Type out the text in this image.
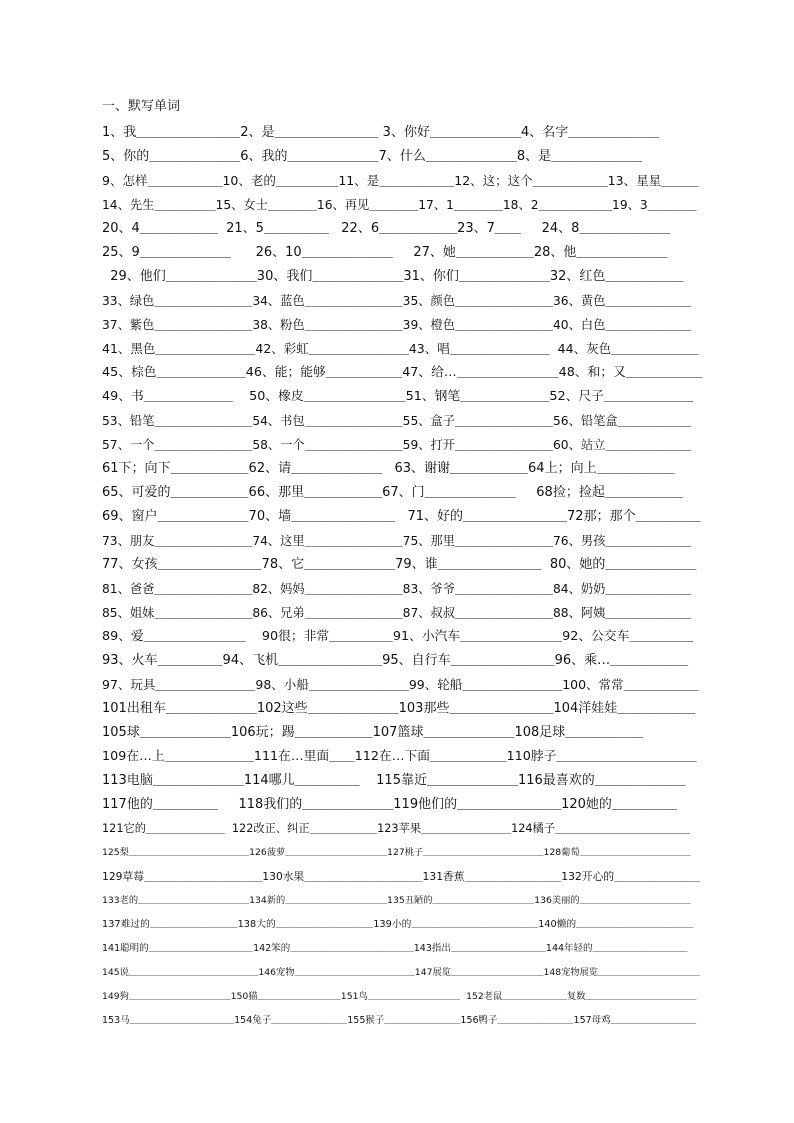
一、默写单词
1、我＿＿＿＿＿＿＿＿2、是＿＿＿＿＿＿＿＿ 3、你好＿＿＿＿＿＿＿4、名字＿＿＿＿＿＿＿
5、你的＿＿＿＿＿＿＿6、我的＿＿＿＿＿＿＿7、什么＿＿＿＿＿＿＿8、是＿＿＿＿＿＿＿
9、怎样＿＿＿＿＿＿10、老的＿＿＿＿＿11、是＿＿＿＿＿＿12、这；这个＿＿＿＿＿＿13、星星＿＿＿
14、先生＿＿＿＿＿15、女士＿＿＿＿16、再见＿＿＿＿17、1＿＿＿＿18、2＿＿＿＿＿＿19、3＿＿＿＿
20、4＿＿＿＿＿＿  21、5＿＿＿＿＿   22、6＿＿＿＿＿＿23、7＿＿     24、8＿＿＿＿＿＿＿
25、9＿＿＿＿＿＿＿      26、10＿＿＿＿＿＿＿     27、她＿＿＿＿＿＿28、他＿＿＿＿＿＿＿
29、他们＿＿＿＿＿＿＿30、我们＿＿＿＿＿＿＿31、你们＿＿＿＿＿＿＿32、红色＿＿＿＿＿＿
33、绿色＿＿＿＿＿＿＿＿34、蓝色＿＿＿＿＿＿＿＿35、颜色＿＿＿＿＿＿＿＿36、黄色＿＿＿＿＿＿＿
37、紫色＿＿＿＿＿＿＿＿38、粉色＿＿＿＿＿＿＿＿39、橙色＿＿＿＿＿＿＿＿40、白色＿＿＿＿＿＿＿
41、黑色＿＿＿＿＿＿＿＿42、彩虹＿＿＿＿＿＿＿＿43、唱＿＿＿＿＿＿＿＿  44、灰色＿＿＿＿＿＿＿
45、棕色＿＿＿＿＿＿＿46、能；能够＿＿＿＿＿＿47、给…＿＿＿＿＿＿＿＿48、和；又＿＿＿＿＿＿
49、书＿＿＿＿＿＿＿    50、橡皮＿＿＿＿＿＿＿＿51、钢笔＿＿＿＿＿＿＿52、尺子＿＿＿＿＿＿＿
53、铅笔＿＿＿＿＿＿＿＿54、书包＿＿＿＿＿＿＿＿55、盒子＿＿＿＿＿＿＿＿56、铅笔盒＿＿＿＿＿＿
57、一个＿＿＿＿＿＿＿＿58、一个＿＿＿＿＿＿＿＿59、打开＿＿＿＿＿＿＿＿60、站立＿＿＿＿＿＿＿
61下；向下＿＿＿＿＿＿62、请＿＿＿＿＿＿＿   63、谢谢＿＿＿＿＿＿64上；向上＿＿＿＿＿＿
65、可爱的＿＿＿＿＿＿66、那里＿＿＿＿＿＿67、门＿＿＿＿＿＿＿     68捡；捡起＿＿＿＿＿＿
69、窗户＿＿＿＿＿＿＿70、墙＿＿＿＿＿＿＿＿   71、好的＿＿＿＿＿＿＿＿72那；那个＿＿＿＿＿
73、朋友＿＿＿＿＿＿＿＿74、这里＿＿＿＿＿＿＿＿75、那里＿＿＿＿＿＿＿＿76、男孩＿＿＿＿＿＿＿
77、女孩＿＿＿＿＿＿＿＿78、它＿＿＿＿＿＿＿79、谁＿＿＿＿＿＿＿＿  80、她的＿＿＿＿＿＿＿
81、爸爸＿＿＿＿＿＿＿＿82、妈妈＿＿＿＿＿＿＿＿83、爷爷＿＿＿＿＿＿＿＿84、奶奶＿＿＿＿＿＿＿
85、姐妹＿＿＿＿＿＿＿＿86、兄弟＿＿＿＿＿＿＿＿87、叔叔＿＿＿＿＿＿＿＿88、阿姨＿＿＿＿＿＿＿
89、爱＿＿＿＿＿＿＿＿    90很；非常＿＿＿＿＿91、小汽车＿＿＿＿＿＿＿＿92、公交车＿＿＿＿＿
93、火车＿＿＿＿＿94、飞机＿＿＿＿＿＿＿＿95、自行车＿＿＿＿＿＿＿＿96、乘…＿＿＿＿＿＿
97、玩具＿＿＿＿＿＿＿＿98、小船＿＿＿＿＿＿＿＿99、轮船＿＿＿＿＿＿＿＿100、常常＿＿＿＿＿＿
101出租车＿＿＿＿＿＿＿102这些＿＿＿＿＿＿＿103那些＿＿＿＿＿＿＿＿104洋娃娃＿＿＿＿＿＿
105球＿＿＿＿＿＿＿106玩；踢＿＿＿＿＿＿107篮球＿＿＿＿＿＿＿108足球＿＿＿＿＿＿
109在…上＿＿＿＿＿＿＿111在…里面＿＿112在…下面＿＿＿＿＿＿110脖子＿＿＿＿＿＿＿＿＿＿＿
113电脑＿＿＿＿＿＿＿114哪儿＿＿＿＿＿    115靠近＿＿＿＿＿＿＿116最喜欢的＿＿＿＿＿＿＿
117他的＿＿＿＿＿     118我们的＿＿＿＿＿＿＿119他们的＿＿＿＿＿＿＿＿120她的＿＿＿＿＿
121它的＿＿＿＿＿＿＿  122改正、纠正＿＿＿＿＿＿123苹果＿＿＿＿＿＿＿＿124橘子＿＿＿＿＿＿＿＿＿＿＿＿
125梨＿＿＿＿＿＿＿＿＿＿＿＿＿126菠萝＿＿＿＿＿＿＿＿＿＿＿127桃子＿＿＿＿＿＿＿＿＿＿＿＿＿128葡萄＿＿＿＿＿＿＿＿＿＿＿＿
129草莓＿＿＿＿＿＿＿＿＿＿＿130水果＿＿＿＿＿＿＿＿＿＿＿131香蕉＿＿＿＿＿＿＿＿＿132开心的＿＿＿＿＿＿＿＿
133老的＿＿＿＿＿＿＿＿＿＿＿＿134新的＿＿＿＿＿＿＿＿＿＿＿135丑陋的＿＿＿＿＿＿＿＿＿＿＿136美丽的＿＿＿＿＿＿＿＿＿＿＿＿
137难过的＿＿＿＿＿＿＿＿＿138大的＿＿＿＿＿＿＿＿＿＿139小的＿＿＿＿＿＿＿＿＿＿＿＿＿140懒的＿＿＿＿＿＿＿＿＿＿＿＿
141聪明的＿＿＿＿＿＿＿＿＿＿＿142笨的＿＿＿＿＿＿＿＿＿＿＿＿＿143指出＿＿＿＿＿＿＿＿＿＿144年轻的＿＿＿＿＿＿＿＿＿＿
145说＿＿＿＿＿＿＿＿＿＿＿＿＿＿146宠物＿＿＿＿＿＿＿＿＿＿＿＿＿147展览＿＿＿＿＿＿＿＿＿＿148宠物展览＿＿＿＿＿＿＿＿＿＿＿
149狗＿＿＿＿＿＿＿＿＿＿＿150猫＿＿＿＿＿＿＿＿＿151鸟＿＿＿＿＿＿＿＿＿＿  152老鼠＿＿＿＿＿＿＿复数＿＿＿＿＿＿＿＿＿＿＿＿
153马＿＿＿＿＿＿＿＿＿＿＿154兔子＿＿＿＿＿＿＿＿155猴子＿＿＿＿＿＿＿＿156鸭子＿＿＿＿＿＿＿＿157母鸡＿＿＿＿＿＿＿＿＿
